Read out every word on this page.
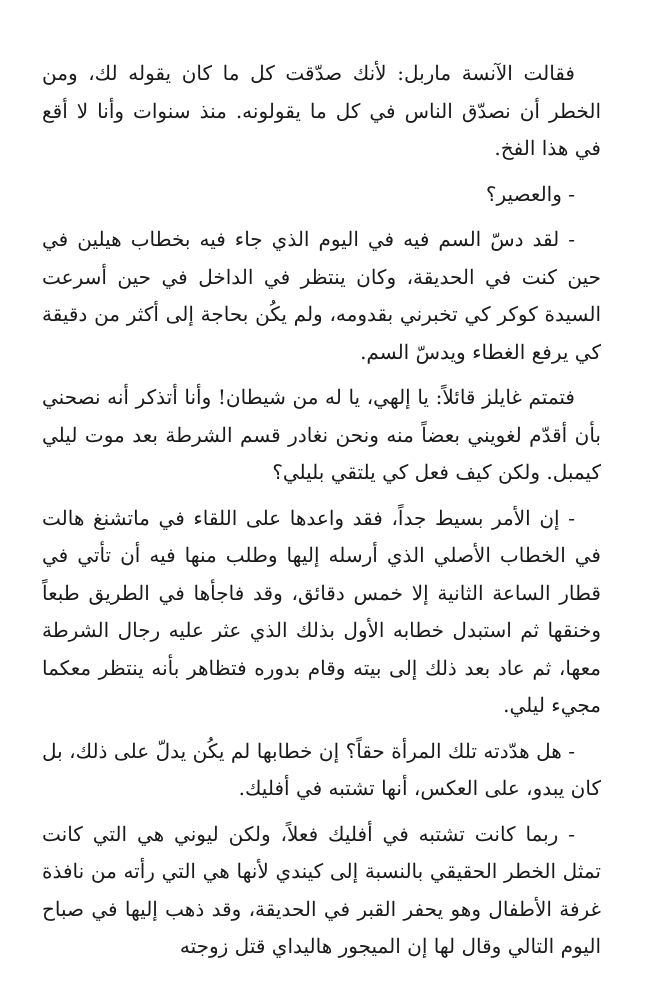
فقالت الآنسة ماربل: لأنك صدّقت كل ما كان يقوله لك، ومن الخطر أن نصدّق الناس في كل ما يقولونه. منذ سنوات وأنا لا أقع في هذا الفخ.

- والعصير؟

- لقد دسّ السم فيه في اليوم الذي جاء فيه بخطاب هيلين في حين كنت في الحديقة، وكان ينتظر في الداخل في حين أسرعت السيدة كوكر كي تخبرني بقدومه، ولم يكُن بحاجة إلى أكثر من دقيقة كي يرفع الغطاء ويدسّ السم.

فتمتم غايلز قائلاً: يا إلهي، يا له من شيطان! وأنا أتذكر أنه نصحني بأن أقدّم لغويني بعضاً منه ونحن نغادر قسم الشرطة بعد موت ليلي كيمبل. ولكن كيف فعل كي يلتقي بليلي؟

- إن الأمر بسيط جداً، فقد واعدها على اللقاء في ماتشنغ هالت في الخطاب الأصلي الذي أرسله إليها وطلب منها فيه أن تأتي في قطار الساعة الثانية إلا خمس دقائق، وقد فاجأها في الطريق طبعاً وخنقها ثم استبدل خطابه الأول بذلك الذي عثر عليه رجال الشرطة معها، ثم عاد بعد ذلك إلى بيته وقام بدوره فتظاهر بأنه ينتظر معكما مجيء ليلي.

- هل هدّدته تلك المرأة حقاً؟ إن خطابها لم يكُن يدلّ على ذلك، بل كان يبدو، على العكس، أنها تشتبه في أفليك.

- ربما كانت تشتبه في أفليك فعلاً، ولكن ليوني هي التي كانت تمثل الخطر الحقيقي بالنسبة إلى كيندي لأنها هي التي رأته من نافذة غرفة الأطفال وهو يحفر القبر في الحديقة، وقد ذهب إليها في صباح اليوم التالي وقال لها إن الميجور هاليداي قتل زوجته
